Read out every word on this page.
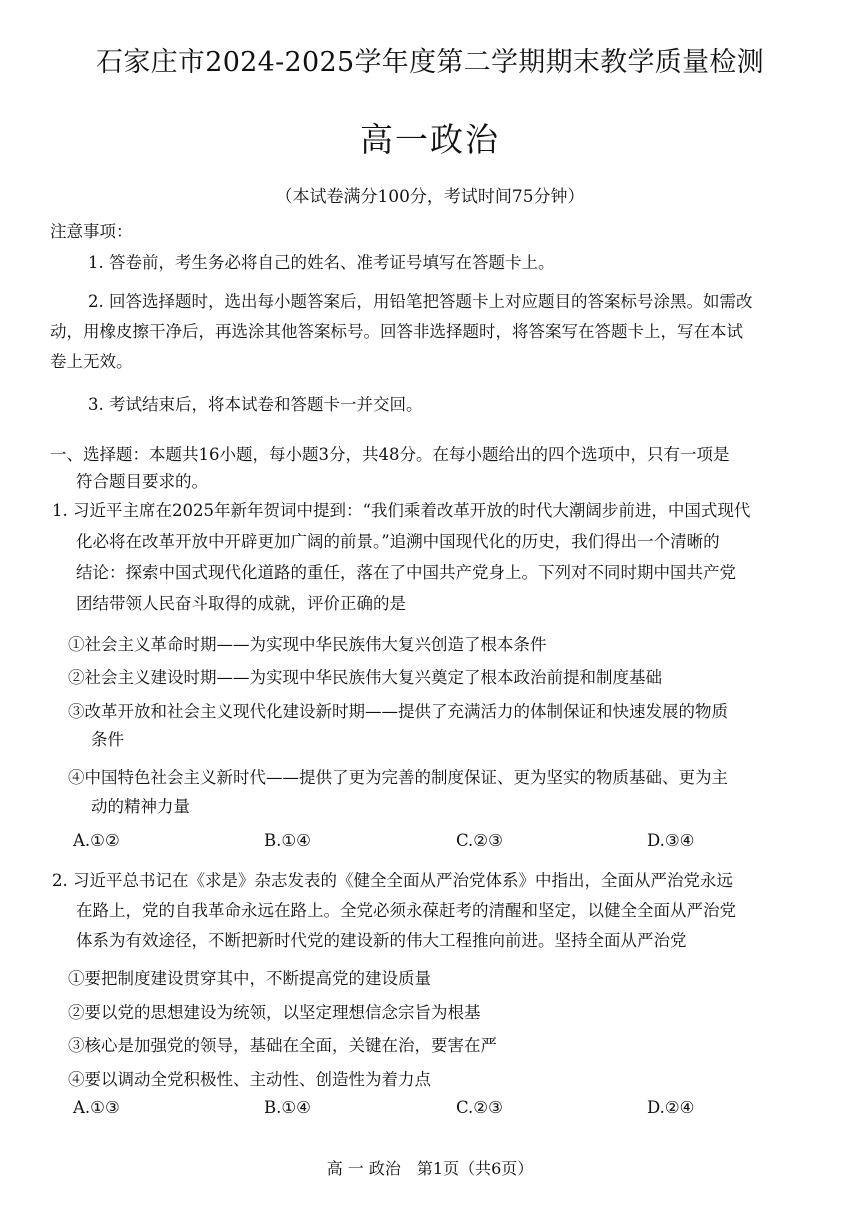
石家庄市2024-2025学年度第二学期期末教学质量检测
高一政治
（本试卷满分100分，考试时间75分钟）
注意事项：
1. 答卷前，考生务必将自己的姓名、准考证号填写在答题卡上。
2. 回答选择题时，选出每小题答案后，用铅笔把答题卡上对应题目的答案标号涂黑。如需改
动，用橡皮擦干净后，再选涂其他答案标号。回答非选择题时，将答案写在答题卡上，写在本试
卷上无效。
3. 考试结束后，将本试卷和答题卡一并交回。
一、选择题：本题共16小题，每小题3分，共48分。在每小题给出的四个选项中，只有一项是
符合题目要求的。
1. 习近平主席在2025年新年贺词中提到：“我们乘着改革开放的时代大潮阔步前进，中国式现代
化必将在改革开放中开辟更加广阔的前景。”追溯中国现代化的历史，我们得出一个清晰的
结论：探索中国式现代化道路的重任，落在了中国共产党身上。下列对不同时期中国共产党
团结带领人民奋斗取得的成就，评价正确的是
①社会主义革命时期——为实现中华民族伟大复兴创造了根本条件
②社会主义建设时期——为实现中华民族伟大复兴奠定了根本政治前提和制度基础
③改革开放和社会主义现代化建设新时期——提供了充满活力的体制保证和快速发展的物质
条件
④中国特色社会主义新时代——提供了更为完善的制度保证、更为坚实的物质基础、更为主
动的精神力量
A.①②	B.①④	C.②③	D.③④
2. 习近平总书记在《求是》杂志发表的《健全全面从严治党体系》中指出，全面从严治党永远
在路上，党的自我革命永远在路上。全党必须永葆赶考的清醒和坚定，以健全全面从严治党
体系为有效途径，不断把新时代党的建设新的伟大工程推向前进。坚持全面从严治党
①要把制度建设贯穿其中，不断提高党的建设质量
②要以党的思想建设为统领，以坚定理想信念宗旨为根基
③核心是加强党的领导，基础在全面，关键在治，要害在严
④要以调动全党积极性、主动性、创造性为着力点
A.①③	B.①④	C.②③	D.②④
高 一 政治　第1页（共6页）
